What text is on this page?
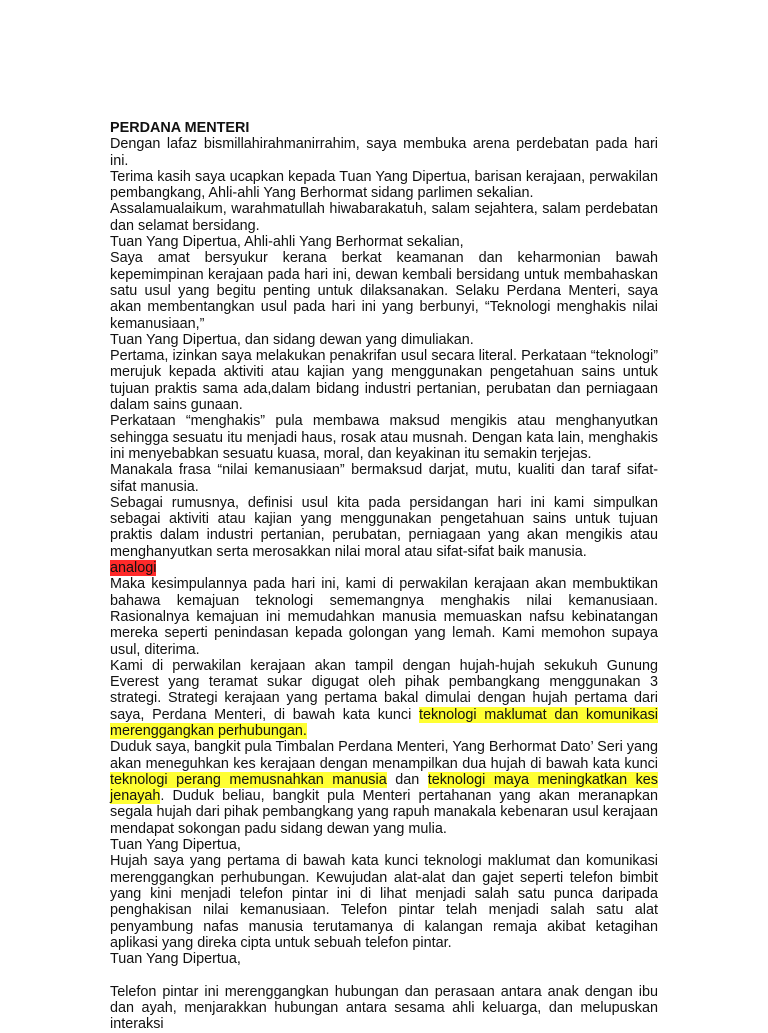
PERDANA MENTERI

Dengan lafaz bismillahirahmanirrahim, saya membuka arena perdebatan pada hari ini.

Terima kasih saya ucapkan kepada Tuan Yang Dipertua, barisan kerajaan, perwakilan pembangkang, Ahli-ahli Yang Berhormat sidang parlimen sekalian.

Assalamualaikum, warahmatullah hiwabarakatuh, salam sejahtera, salam perdebatan dan selamat bersidang.

Tuan Yang Dipertua, Ahli-ahli Yang Berhormat sekalian,

Saya amat bersyukur kerana berkat keamanan dan keharmonian bawah kepemimpinan kerajaan pada hari ini, dewan kembali bersidang untuk membahaskan satu usul yang begitu penting untuk dilaksanakan. Selaku Perdana Menteri, saya akan membentangkan usul pada hari ini yang berbunyi, “Teknologi menghakis nilai kemanusiaan,”

Tuan Yang Dipertua, dan sidang dewan yang dimuliakan.

Pertama, izinkan saya melakukan penakrifan usul secara literal. Perkataan “teknologi” merujuk kepada aktiviti atau kajian yang menggunakan pengetahuan sains untuk tujuan praktis sama ada,dalam bidang industri pertanian, perubatan dan perniagaan dalam sains gunaan.

Perkataan “menghakis” pula membawa maksud mengikis atau menghanyutkan sehingga sesuatu itu menjadi haus, rosak atau musnah. Dengan kata lain, menghakis ini menyebabkan sesuatu kuasa, moral, dan keyakinan itu semakin terjejas.

Manakala frasa “nilai kemanusiaan” bermaksud darjat, mutu, kualiti dan taraf sifat-sifat manusia.

Sebagai rumusnya, definisi usul kita pada persidangan hari ini kami simpulkan sebagai aktiviti atau kajian yang menggunakan pengetahuan sains untuk tujuan praktis dalam industri pertanian, perubatan, perniagaan yang akan mengikis atau menghanyutkan serta merosakkan nilai moral atau sifat-sifat baik manusia.

analogi

Maka kesimpulannya pada hari ini, kami di perwakilan kerajaan akan membuktikan bahawa kemajuan teknologi sememangnya menghakis nilai kemanusiaan. Rasionalnya kemajuan ini memudahkan manusia memuaskan nafsu kebinatangan mereka seperti penindasan kepada golongan yang lemah. Kami memohon supaya usul, diterima.

Kami di perwakilan kerajaan akan tampil dengan hujah-hujah sekukuh Gunung Everest yang teramat sukar digugat oleh pihak pembangkang menggunakan 3 strategi. Strategi kerajaan yang pertama bakal dimulai dengan hujah pertama dari saya, Perdana Menteri, di bawah kata kunci teknologi maklumat dan komunikasi merenggangkan perhubungan.

Duduk saya, bangkit pula Timbalan Perdana Menteri, Yang Berhormat Dato’ Seri yang akan meneguhkan kes kerajaan dengan menampilkan dua hujah di bawah kata kunci teknologi perang memusnahkan manusia dan teknologi maya meningkatkan kes jenayah. Duduk beliau, bangkit pula Menteri pertahanan yang akan meranapkan segala hujah dari pihak pembangkang yang rapuh manakala kebenaran usul kerajaan mendapat sokongan padu sidang dewan yang mulia.

Tuan Yang Dipertua,

Hujah saya yang pertama di bawah kata kunci teknologi maklumat dan komunikasi merenggangkan perhubungan. Kewujudan alat-alat dan gajet seperti telefon bimbit yang kini menjadi telefon pintar ini di lihat menjadi salah satu punca daripada penghakisan nilai kemanusiaan. Telefon pintar telah menjadi salah satu alat penyambung nafas manusia terutamanya di kalangan remaja akibat ketagihan aplikasi yang direka cipta untuk sebuah telefon pintar.

Tuan Yang Dipertua,

Telefon pintar ini merenggangkan hubungan dan perasaan antara anak dengan ibu dan ayah, menjarakkan hubungan antara sesama ahli keluarga, dan melupuskan interaksi
